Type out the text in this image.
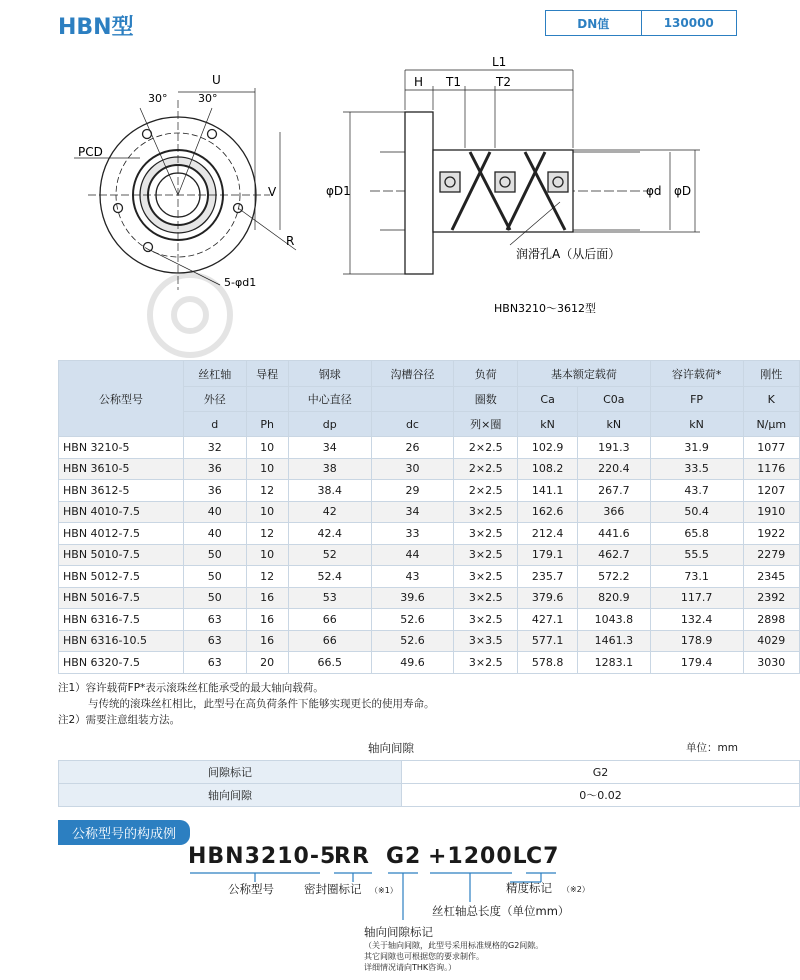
HBN型	DN值	130000
U
30°	30°
PCD
V
R
5-φd1
L1
H T1	T2
φD1	φd φD
润滑孔A（从后面）
HBN3210～3612型
公称型号	丝杠轴	导程	钢球	沟槽谷径	负荷	基本额定载荷		容许载荷*	刚性
	外径		中心直径		圈数	Ca	C0a	FP	K
	d	Ph	dp	dc	列×圈	kN	kN	kN	N/μm
HBN 3210-5	32	10	34	26	2×2.5	102.9	191.3	31.9	1077
HBN 3610-5	36	10	38	30	2×2.5	108.2	220.4	33.5	1176
HBN 3612-5	36	12	38.4	29	2×2.5	141.1	267.7	43.7	1207
HBN 4010-7.5	40	10	42	34	3×2.5	162.6	366	50.4	1910
HBN 4012-7.5	40	12	42.4	33	3×2.5	212.4	441.6	65.8	1922
HBN 5010-7.5	50	10	52	44	3×2.5	179.1	462.7	55.5	2279
HBN 5012-7.5	50	12	52.4	43	3×2.5	235.7	572.2	73.1	2345
HBN 5016-7.5	50	16	53	39.6	3×2.5	379.6	820.9	117.7	2392
HBN 6316-7.5	63	16	66	52.6	3×2.5	427.1	1043.8	132.4	2898
HBN 6316-10.5	63	16	66	52.6	3×3.5	577.1	1461.3	178.9	4029
HBN 6320-7.5	63	20	66.5	49.6	3×2.5	578.8	1283.1	179.4	3030
注1）容许载荷FP*表示滚珠丝杠能承受的最大轴向载荷。
与传统的滚珠丝杠相比，此型号在高负荷条件下能够实现更长的使用寿命。
注2）需要注意组装方法。
轴向间隙	单位：mm
间隙标记	G2
轴向间隙	0～0.02
公称型号的构成例
HBN3210-5
RR G2 +1200L
C7
公称型号	密封圈标记 （※1）	精度标记 （※2）
丝杠轴总长度（单位mm）
轴向间隙标记
（关于轴向间隙，此型号采用标准规格的G2间隙。
其它间隙也可根据您的要求制作。
详细情况请向THK咨询。）
